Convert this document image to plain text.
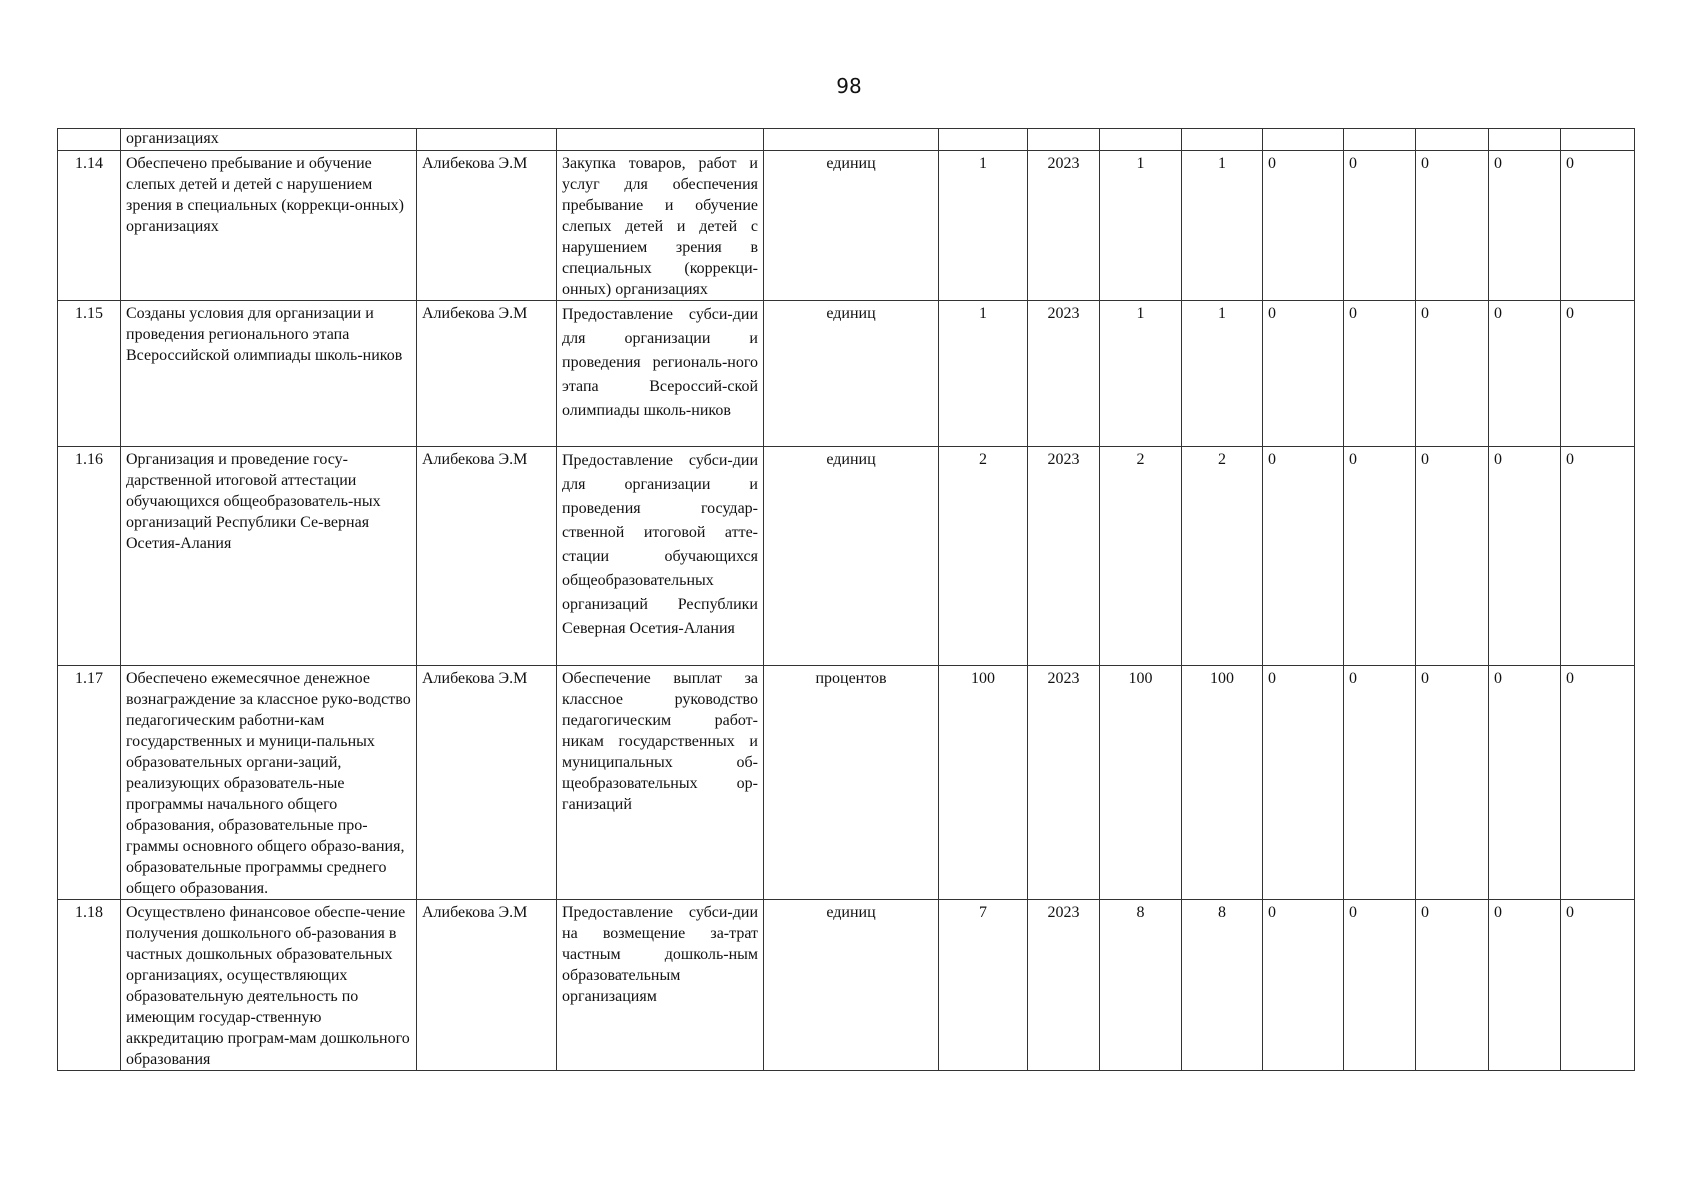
98
	организациях												
1.14	Обеспечено пребывание и обучение слепых детей и детей с нарушением зрения в специальных (коррекци-онных) организациях	Алибекова Э.М	Закупка товаров, работ и услуг для обеспечения пребывание и обучение слепых детей и детей с нарушением зрения в специальных (коррекци-онных) организациях	единиц	1	2023	1	1	0	0	0	0	0
1.15	Созданы условия для организации и проведения регионального этапа Всероссийской олимпиады школь-ников	Алибекова Э.М	Предоставление субси-дии для организации и проведения региональ-ного этапа Всероссий-ской олимпиады школь-ников	единиц	1	2023	1	1	0	0	0	0	0
1.16	Организация и проведение госу-дарственной итоговой аттестации обучающихся общеобразователь-ных организаций Республики Се-верная Осетия-Алания	Алибекова Э.М	Предоставление субси-дии для организации и проведения государ-ственной итоговой атте-стации обучающихся общеобразовательных организаций Республики Северная Осетия-Алания	единиц	2	2023	2	2	0	0	0	0	0
1.17	Обеспечено ежемесячное денежное вознаграждение за классное руко-водство педагогическим работни-кам государственных и муници-пальных образовательных органи-заций, реализующих образователь-ные программы начального общего образования, образовательные про-граммы основного общего образо-вания, образовательные программы среднего общего образования.	Алибекова Э.М	Обеспечение выплат за классное руководство педагогическим работ-никам государственных и муниципальных об-щеобразовательных ор-ганизаций	процентов	100	2023	100	100	0	0	0	0	0
1.18	Осуществлено финансовое обеспе-чение получения дошкольного об-разования в частных дошкольных образовательных организациях, осуществляющих образовательную деятельность по имеющим государ-ственную аккредитацию програм-мам дошкольного образования	Алибекова Э.М	Предоставление субси-дии на возмещение за-трат частным дошколь-ным образовательным организациям	единиц	7	2023	8	8	0	0	0	0	0
